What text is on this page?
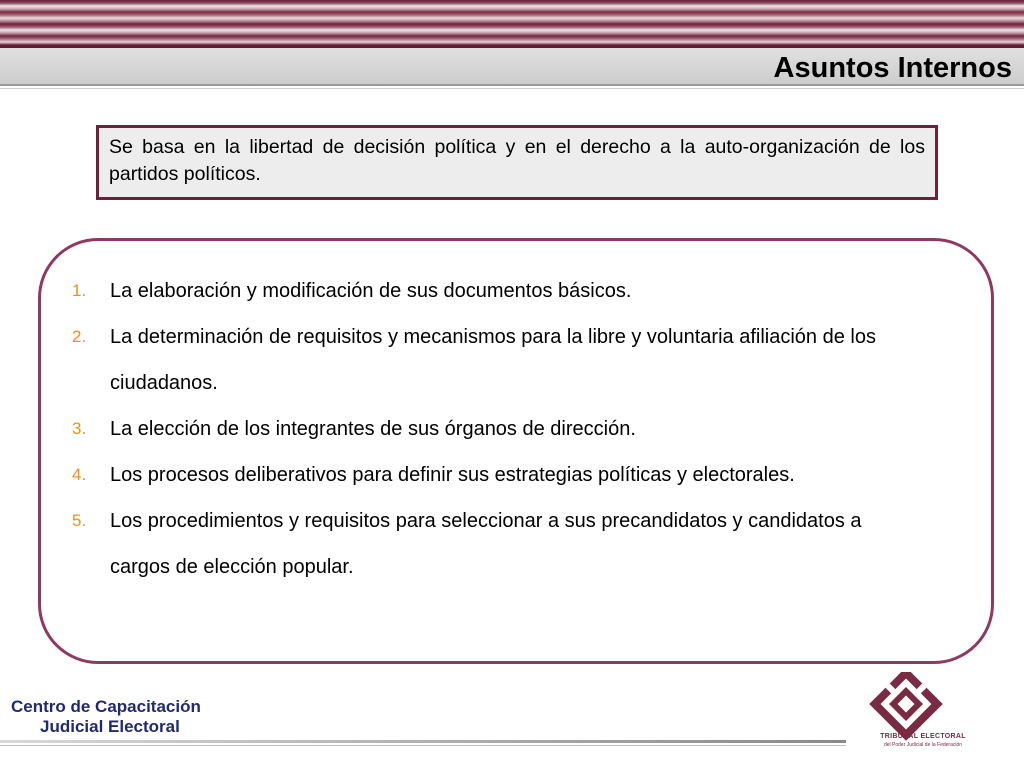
Asuntos Internos
Se basa en la libertad de decisión política y en el derecho a la auto-organización de los partidos políticos.
1. La elaboración y modificación de sus documentos básicos.
2. La determinación de requisitos y mecanismos para la libre y voluntaria afiliación de los ciudadanos.
3. La elección de los integrantes de sus órganos de dirección.
4. Los procesos deliberativos para definir sus estrategias políticas y electorales.
5. Los procedimientos y requisitos para seleccionar a sus precandidatos y candidatos a cargos de elección popular.
Centro de Capacitación
Judicial Electoral
TRIBUNAL ELECTORAL
del Poder Judicial de la Federación
